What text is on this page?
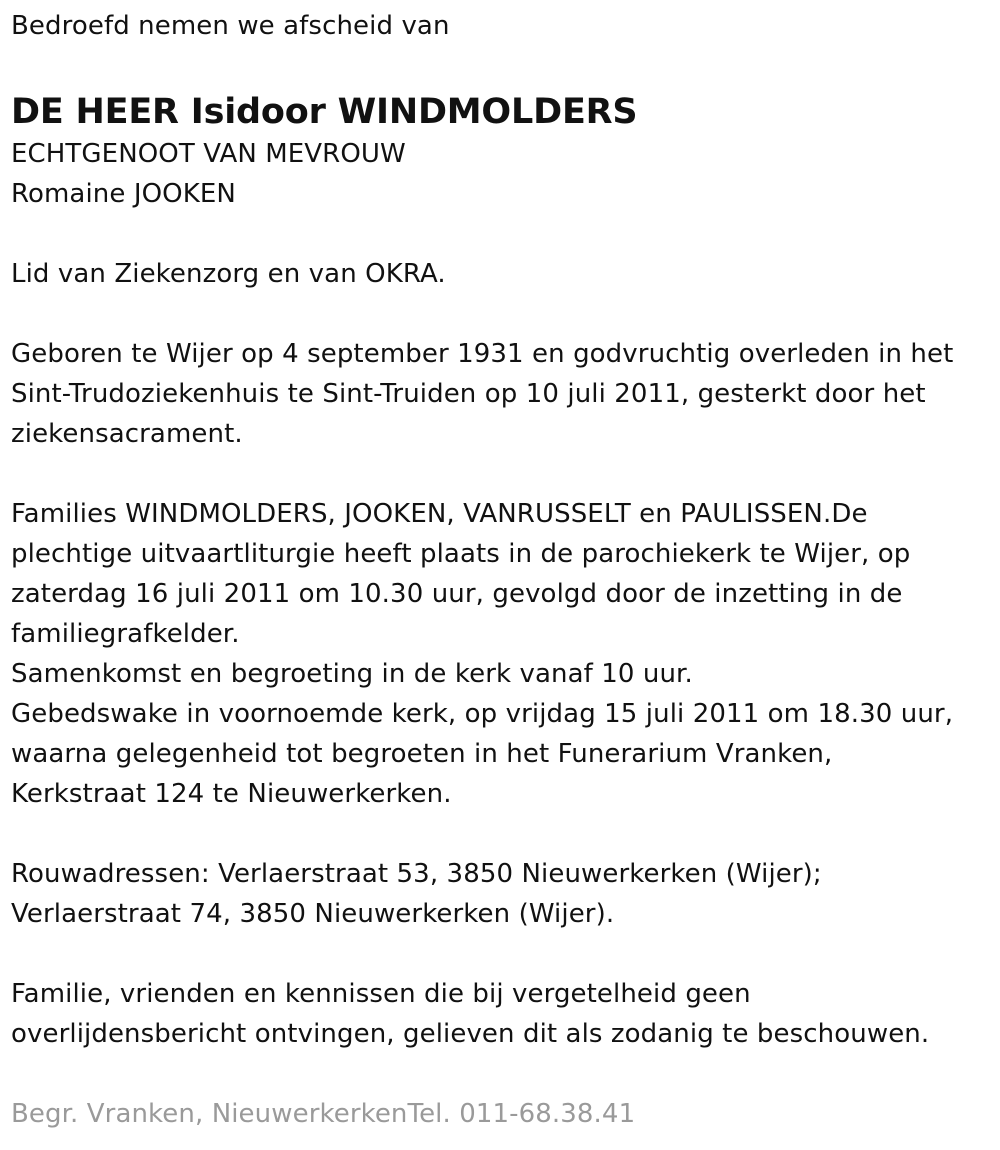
Bedroefd nemen we afscheid van
DE HEER Isidoor WINDMOLDERS
ECHTGENOOT VAN MEVROUW
Romaine JOOKEN
Lid van Ziekenzorg en van OKRA.
Geboren te Wijer op 4 september 1931 en godvruchtig overleden in het
Sint-Trudoziekenhuis te Sint-Truiden op 10 juli 2011, gesterkt door het
ziekensacrament.
Families WINDMOLDERS, JOOKEN, VANRUSSELT en PAULISSEN.De
plechtige uitvaartliturgie heeft plaats in de parochiekerk te Wijer, op
zaterdag 16 juli 2011 om 10.30 uur, gevolgd door de inzetting in de
familiegrafkelder.
Samenkomst en begroeting in de kerk vanaf 10 uur.
Gebedswake in voornoemde kerk, op vrijdag 15 juli 2011 om 18.30 uur,
waarna gelegenheid tot begroeten in het Funerarium Vranken,
Kerkstraat 124 te Nieuwerkerken.
Rouwadressen: Verlaerstraat 53, 3850 Nieuwerkerken (Wijer);
Verlaerstraat 74, 3850 Nieuwerkerken (Wijer).
Familie, vrienden en kennissen die bij vergetelheid geen
overlijdensbericht ontvingen, gelieven dit als zodanig te beschouwen.
Begr. Vranken, NieuwerkerkenTel. 011-68.38.41
